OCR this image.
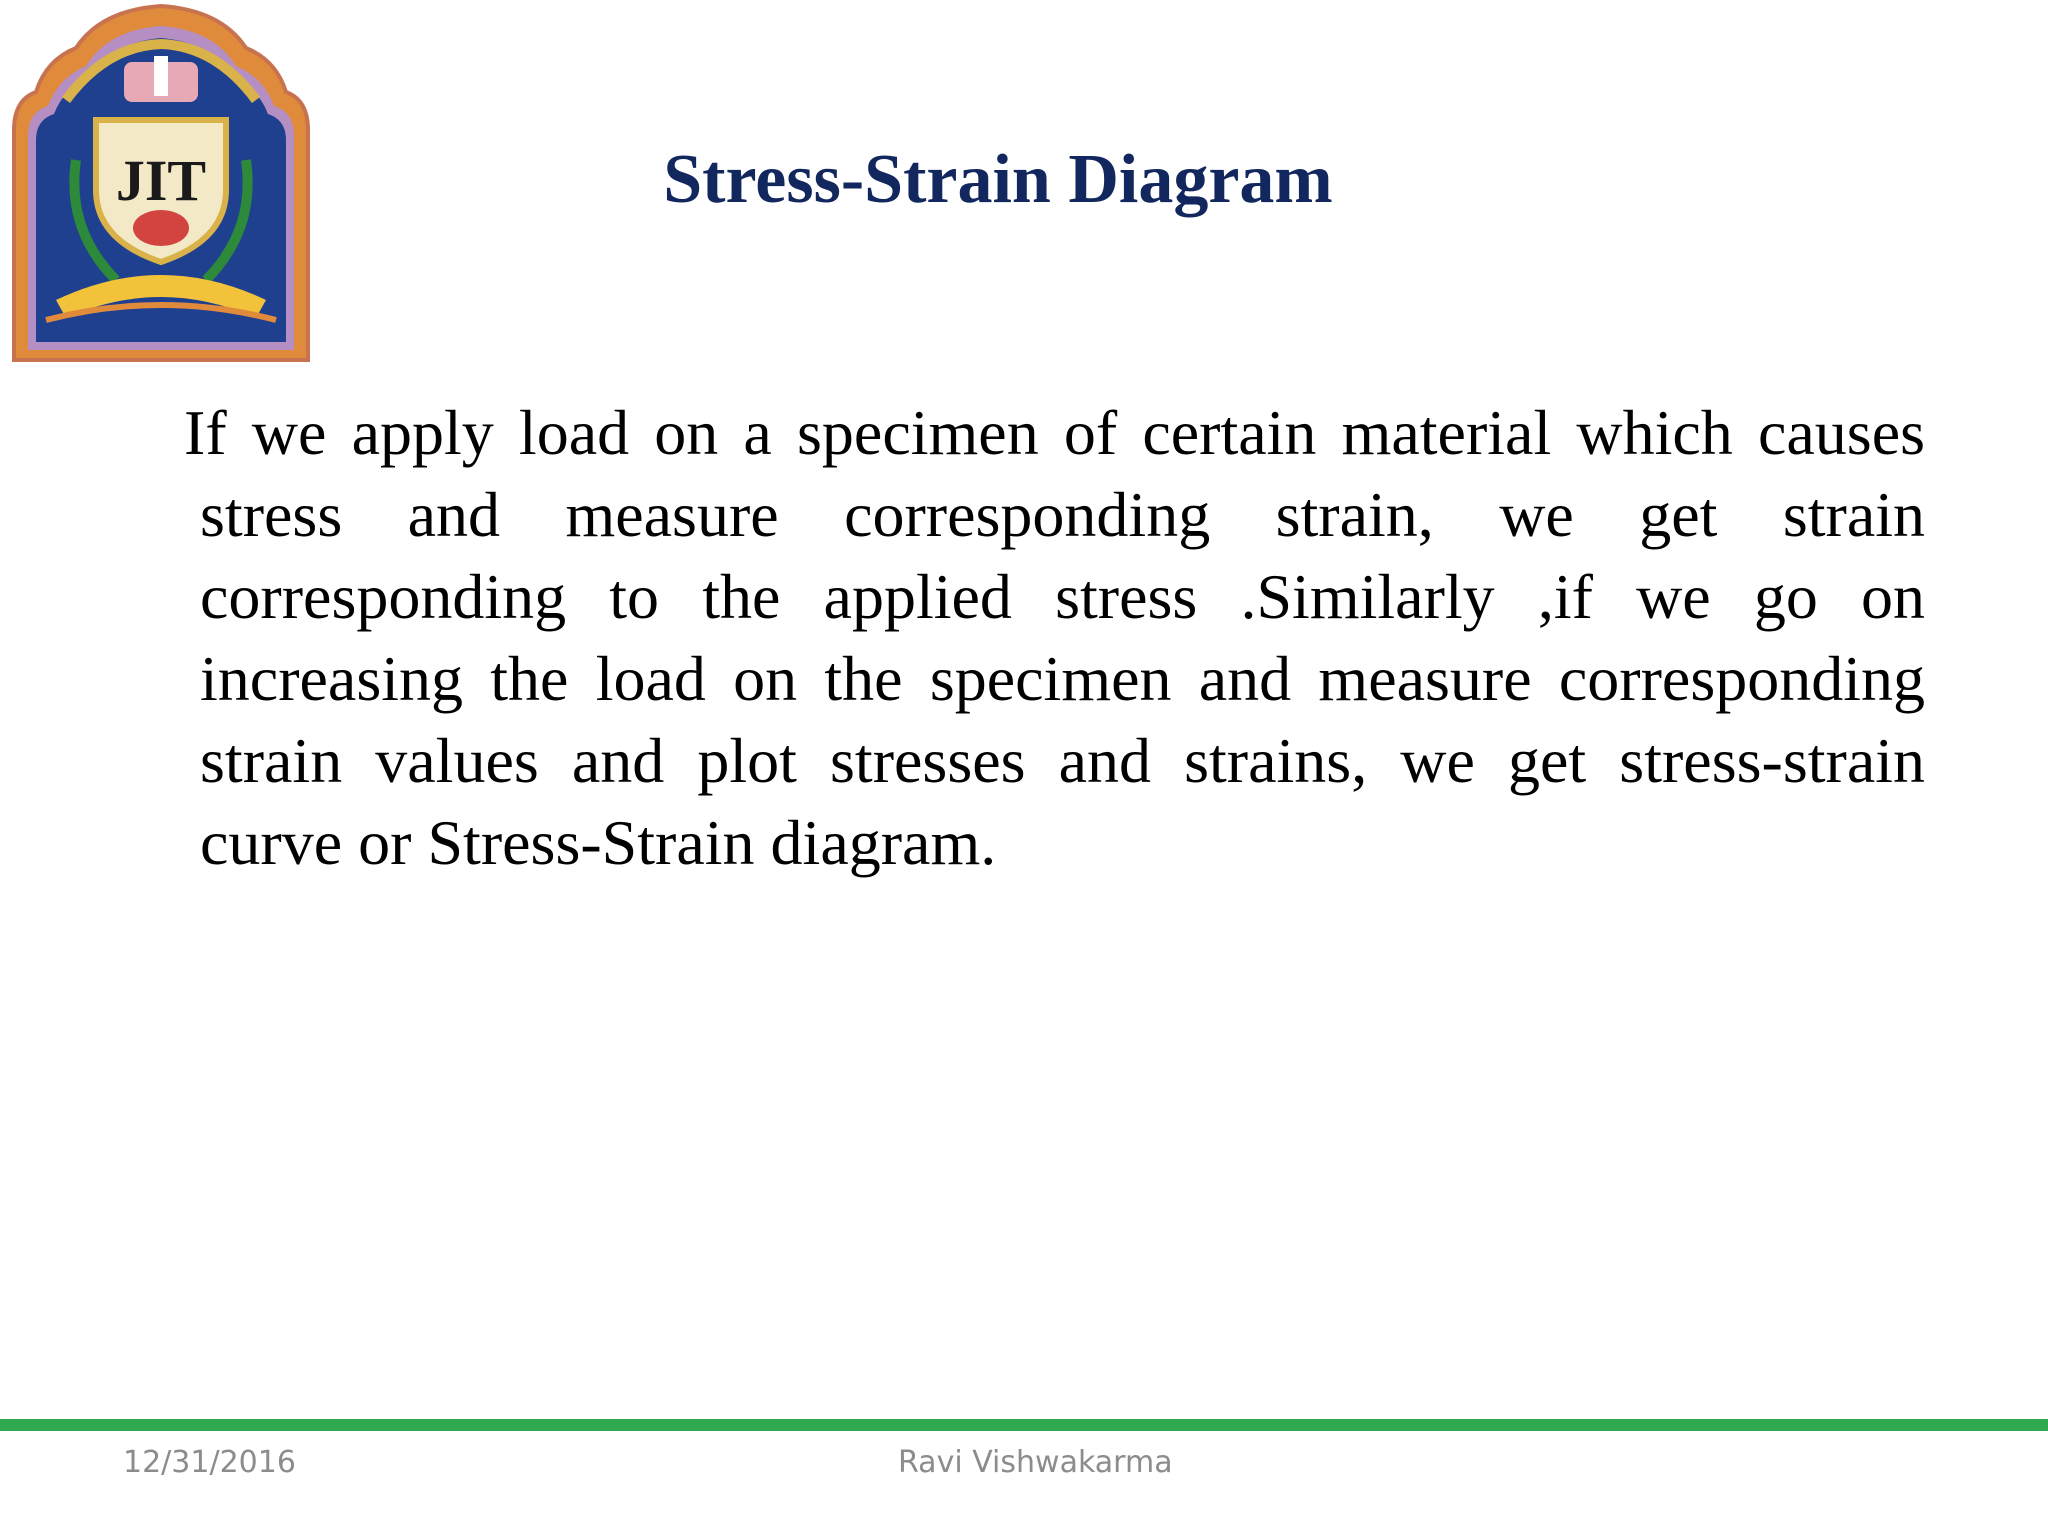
JIT	Stress-Strain Diagram

If we apply load on a specimen of certain material which causes stress and measure corresponding strain, we get strain corresponding to the applied stress .Similarly ,if we go on increasing the load on the specimen and measure corresponding strain values and plot stresses and strains, we get stress-strain curve or Stress-Strain diagram.

12/31/2016	Ravi Vishwakarma
